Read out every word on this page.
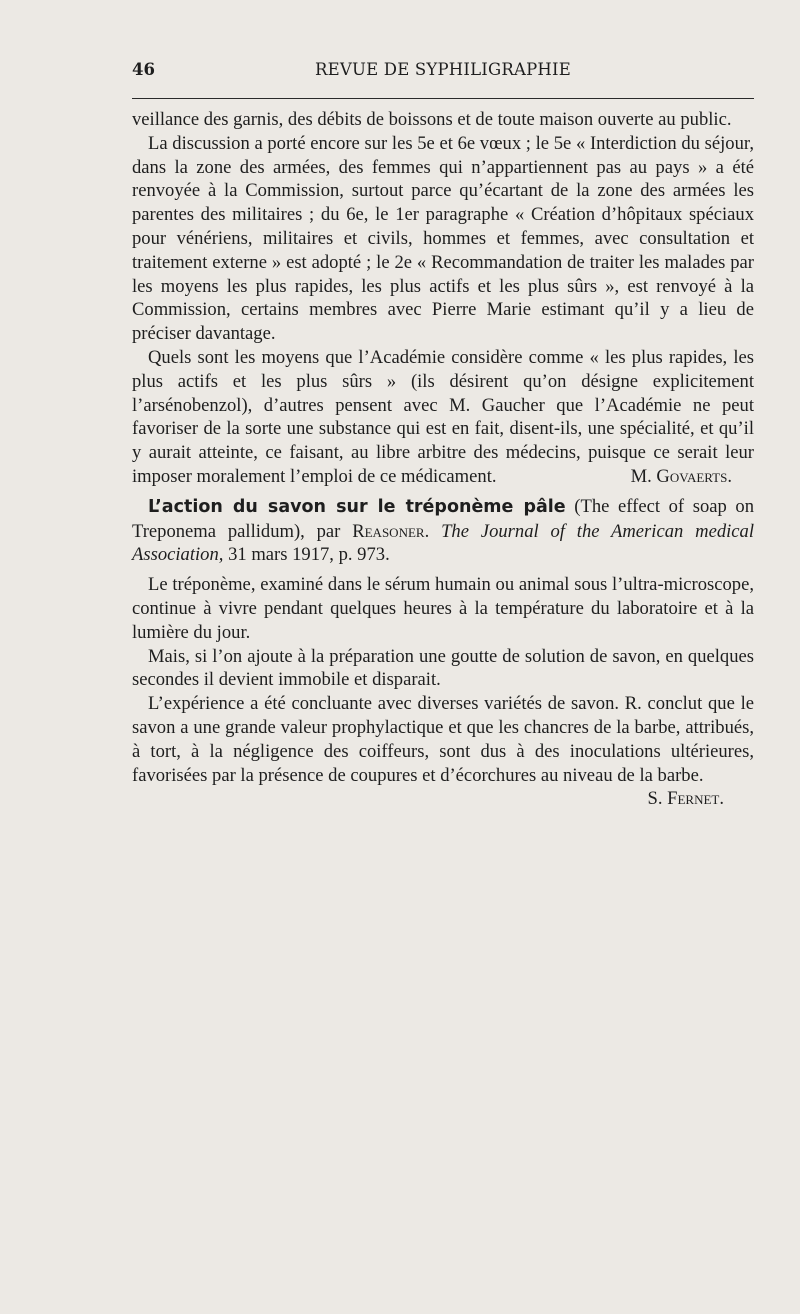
46	REVUE DE SYPHILIGRAPHIE

veillance des garnis, des débits de boissons et de toute maison ouverte au public.

La discussion a porté encore sur les 5e et 6e vœux ; le 5e « Interdiction du séjour, dans la zone des armées, des femmes qui n’appartiennent pas au pays » a été renvoyée à la Commission, surtout parce qu’écartant de la zone des armées les parentes des militaires ; du 6e, le 1er paragraphe « Création d’hôpitaux spéciaux pour vénériens, militaires et civils, hommes et femmes, avec consultation et traitement externe » est adopté ; le 2e « Recommandation de traiter les malades par les moyens les plus rapides, les plus actifs et les plus sûrs », est renvoyé à la Commission, certains membres avec Pierre Marie estimant qu’il y a lieu de préciser davantage.

Quels sont les moyens que l’Académie considère comme « les plus rapides, les plus actifs et les plus sûrs » (ils désirent qu’on désigne explicitement l’arsénobenzol), d’autres pensent avec M. Gaucher que l’Académie ne peut favoriser de la sorte une substance qui est en fait, disent-ils, une spécialité, et qu’il y aurait atteinte, ce faisant, au libre arbitre des médecins, puisque ce serait leur imposer moralement l’emploi de ce médicament.	M. Govaerts.

L’action du savon sur le tréponème pâle (The effect of soap on Treponema pallidum), par Reasoner. The Journal of the American medical Association, 31 mars 1917, p. 973.

Le tréponème, examiné dans le sérum humain ou animal sous l’ultra-microscope, continue à vivre pendant quelques heures à la température du laboratoire et à la lumière du jour.

Mais, si l’on ajoute à la préparation une goutte de solution de savon, en quelques secondes il devient immobile et disparait.

L’expérience a été concluante avec diverses variétés de savon. R. conclut que le savon a une grande valeur prophylactique et que les chancres de la barbe, attribués, à tort, à la négligence des coiffeurs, sont dus à des inoculations ultérieures, favorisées par la présence de coupures et d’écorchures au niveau de la barbe.
S. Fernet.
